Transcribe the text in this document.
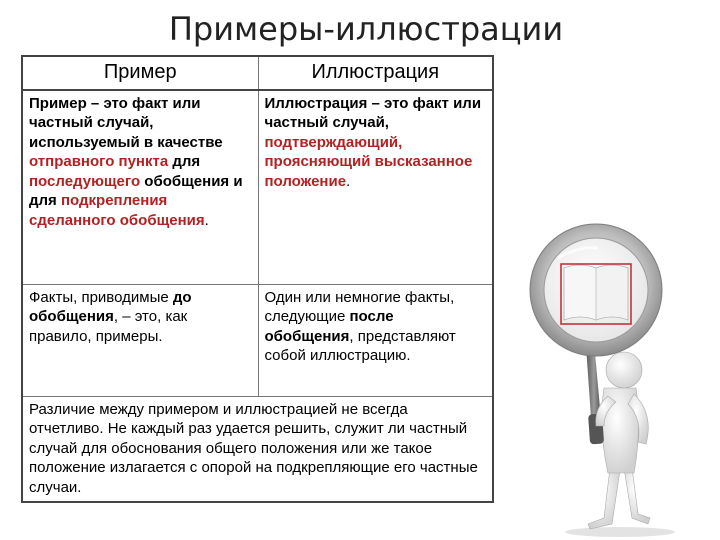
Примеры-иллюстрации
Пример	Иллюстрация
Пример – это факт или частный случай, используемый в качестве отправного пункта для последующего обобщения и для подкрепления сделанного обобщения.	Иллюстрация – это факт или частный случай, подтверждающий, проясняющий высказанное положение.
Факты, приводимые до обобщения, – это, как правило, примеры.	Один или немногие факты, следующие после обобщения, представляют собой иллюстрацию.
Различие между примером и иллюстрацией не всегда отчетливо. Не каждый раз удается решить, служит ли частный случай для обоснования общего положения или же такое положение излагается с опорой на подкрепляющие его частные случаи.	
